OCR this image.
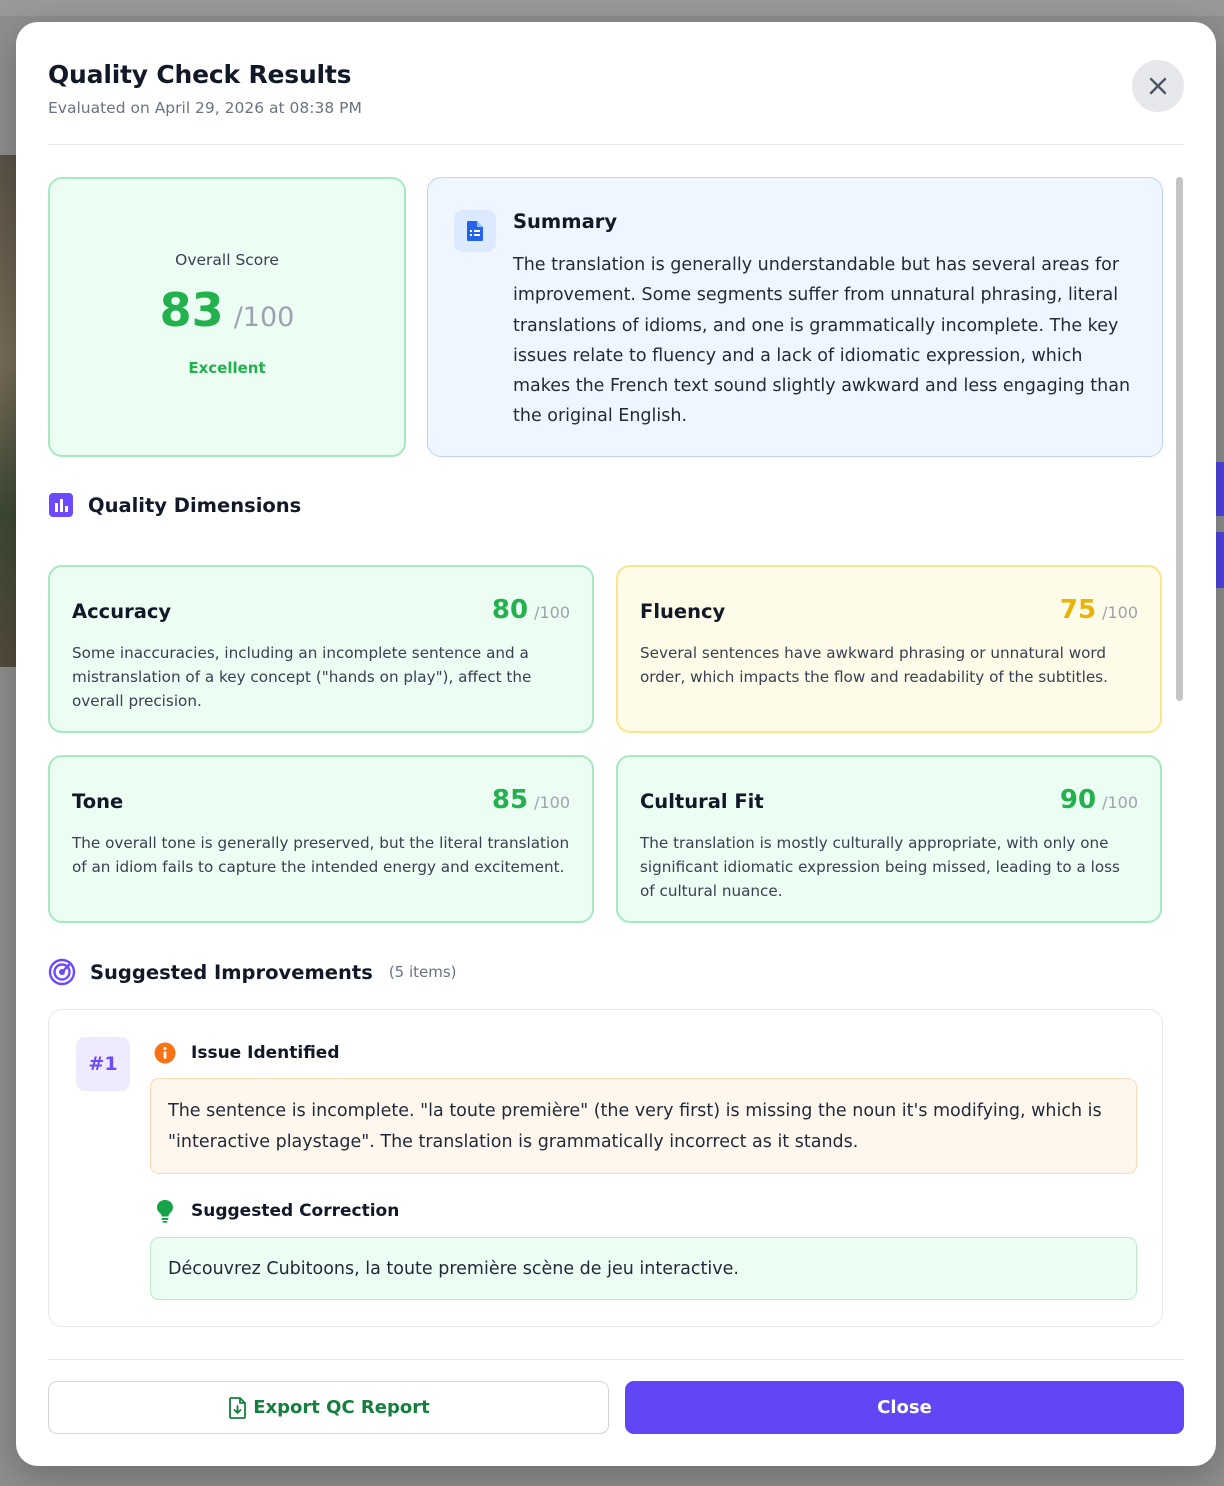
Quality Check Results
Evaluated on April 29, 2026 at 08:38 PM
Overall Score
83 /100
Excellent
Summary
The translation is generally understandable but has several areas for improvement. Some segments suffer from unnatural phrasing, literal translations of idioms, and one is grammatically incomplete. The key issues relate to fluency and a lack of idiomatic expression, which makes the French text sound slightly awkward and less engaging than the original English.
Quality Dimensions
Accuracy	80 /100
Some inaccuracies, including an incomplete sentence and a mistranslation of a key concept ("hands on play"), affect the overall precision.
Fluency	75 /100
Several sentences have awkward phrasing or unnatural word order, which impacts the flow and readability of the subtitles.
Tone	85 /100
The overall tone is generally preserved, but the literal translation of an idiom fails to capture the intended energy and excitement.
Cultural Fit	90 /100
The translation is mostly culturally appropriate, with only one significant idiomatic expression being missed, leading to a loss of cultural nuance.
Suggested Improvements (5 items)
#1	Issue Identified
The sentence is incomplete. "la toute première" (the very first) is missing the noun it's modifying, which is "interactive playstage". The translation is grammatically incorrect as it stands.
Suggested Correction
Découvrez Cubitoons, la toute première scène de jeu interactive.
Export QC Report	Close
